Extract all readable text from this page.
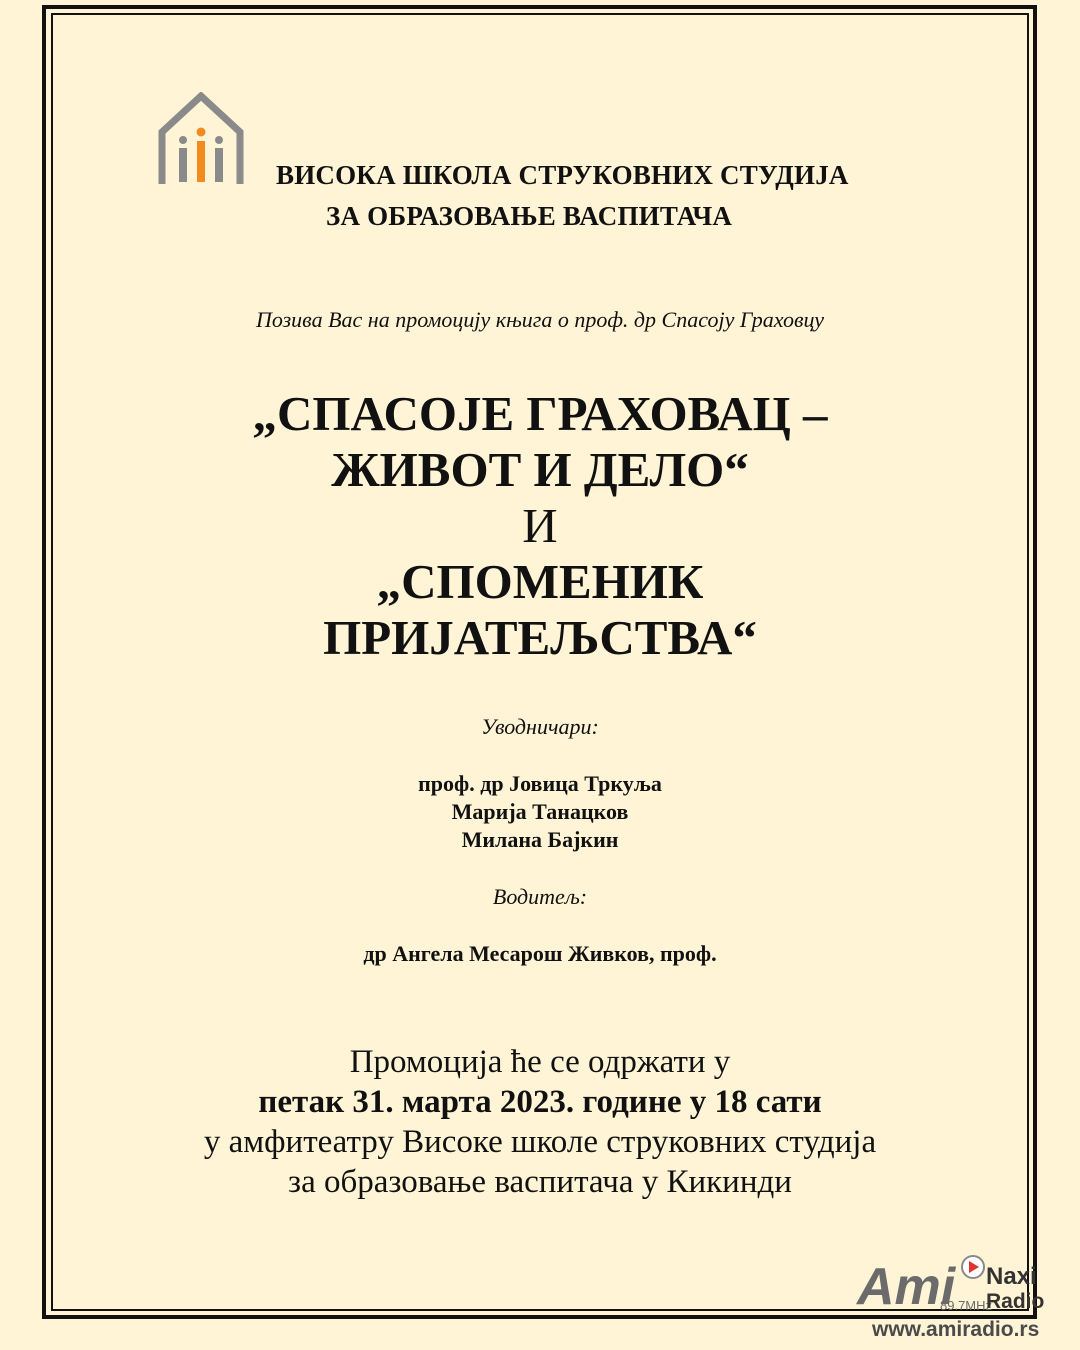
ВИСОКА ШКОЛА СТРУКОВНИХ СТУДИЈА
ЗА ОБРАЗОВАЊЕ ВАСПИТАЧА
Позива Вас на промоцију књига о проф. др Спасоју Граховцу
„СПАСОЈЕ ГРАХОВАЦ –
ЖИВОТ И ДЕЛО“
И
„СПОМЕНИК
ПРИЈАТЕЉСТВА“
Уводничари:
проф. др Јовица Тркуља
Марија Танацков
Милана Бајкин
Водитељ:
др Ангела Месарош Живков, проф.
Промоција ће се одржати у
петак 31. марта 2023. године у 18 сати
у амфитеатру Високе школе струковних студија
за образовање васпитача у Кикинди
Ami
89.7MHz
Naxi
Radio
www.amiradio.rs
